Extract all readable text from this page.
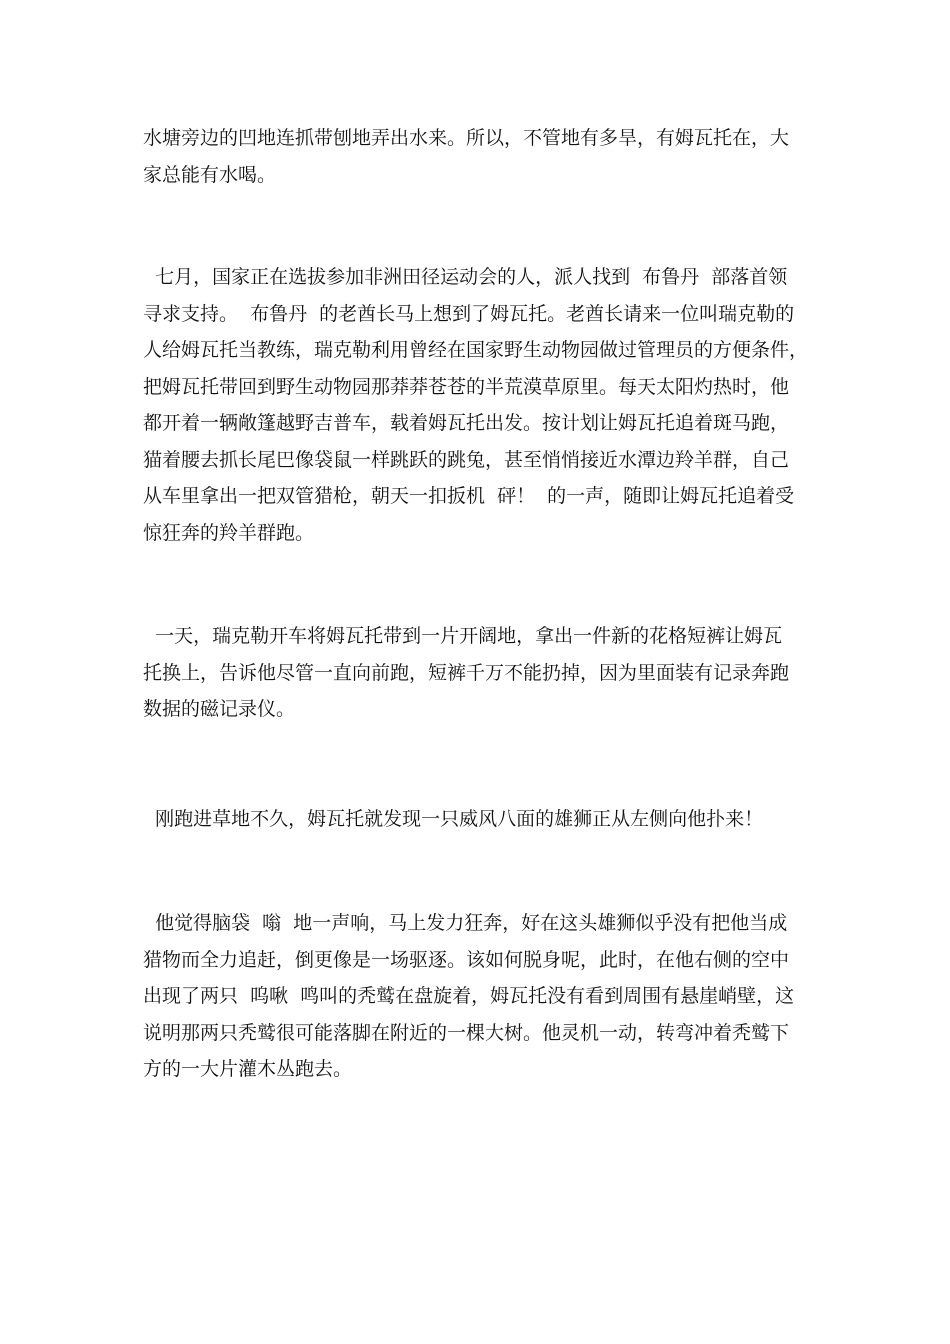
水塘旁边的凹地连抓带刨地弄出水来。所以，不管地有多旱，有姆瓦托在，大
家总能有水喝。
七月，国家正在选拔参加非洲田径运动会的人，派人找到  布鲁丹  部落首领
寻求支持。  布鲁丹  的老酋长马上想到了姆瓦托。老酋长请来一位叫瑞克勒的
人给姆瓦托当教练，瑞克勒利用曾经在国家野生动物园做过管理员的方便条件，
把姆瓦托带回到野生动物园那莽莽苍苍的半荒漠草原里。每天太阳灼热时，他
都开着一辆敞篷越野吉普车，载着姆瓦托出发。按计划让姆瓦托追着斑马跑，
猫着腰去抓长尾巴像袋鼠一样跳跃的跳兔，甚至悄悄接近水潭边羚羊群，自己
从车里拿出一把双管猎枪，朝天一扣扳机  砰！  的一声，随即让姆瓦托追着受
惊狂奔的羚羊群跑。
一天，瑞克勒开车将姆瓦托带到一片开阔地，拿出一件新的花格短裤让姆瓦
托换上，告诉他尽管一直向前跑，短裤千万不能扔掉，因为里面装有记录奔跑
数据的磁记录仪。
刚跑进草地不久，姆瓦托就发现一只威风八面的雄狮正从左侧向他扑来！
他觉得脑袋  嗡  地一声响，马上发力狂奔，好在这头雄狮似乎没有把他当成
猎物而全力追赶，倒更像是一场驱逐。该如何脱身呢，此时，在他右侧的空中
出现了两只  呜啾  鸣叫的秃鹫在盘旋着，姆瓦托没有看到周围有悬崖峭壁，这
说明那两只秃鹫很可能落脚在附近的一棵大树。他灵机一动，转弯冲着秃鹫下
方的一大片灌木丛跑去。
